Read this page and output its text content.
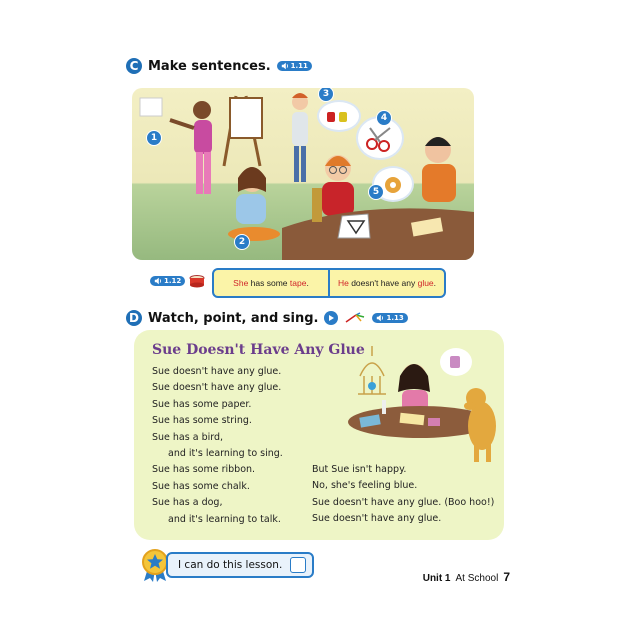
C Make sentences.	1.11
1
2
3
4
5
1.12	She has some tape.	He doesn't have any glue.
D Watch, point, and sing.	1.13
Sue Doesn't Have Any Glue
Sue doesn't have any glue.
Sue doesn't have any glue.
Sue has some paper.
Sue has some string.
Sue has a bird,
and it's learning to sing.
Sue has some ribbon.
Sue has some chalk.
Sue has a dog,
and it's learning to talk.
But Sue isn't happy.
No, she's feeling blue.
Sue doesn't have any glue. (Boo hoo!)
Sue doesn't have any glue.
I can do this lesson.
Unit 1 At School 7
